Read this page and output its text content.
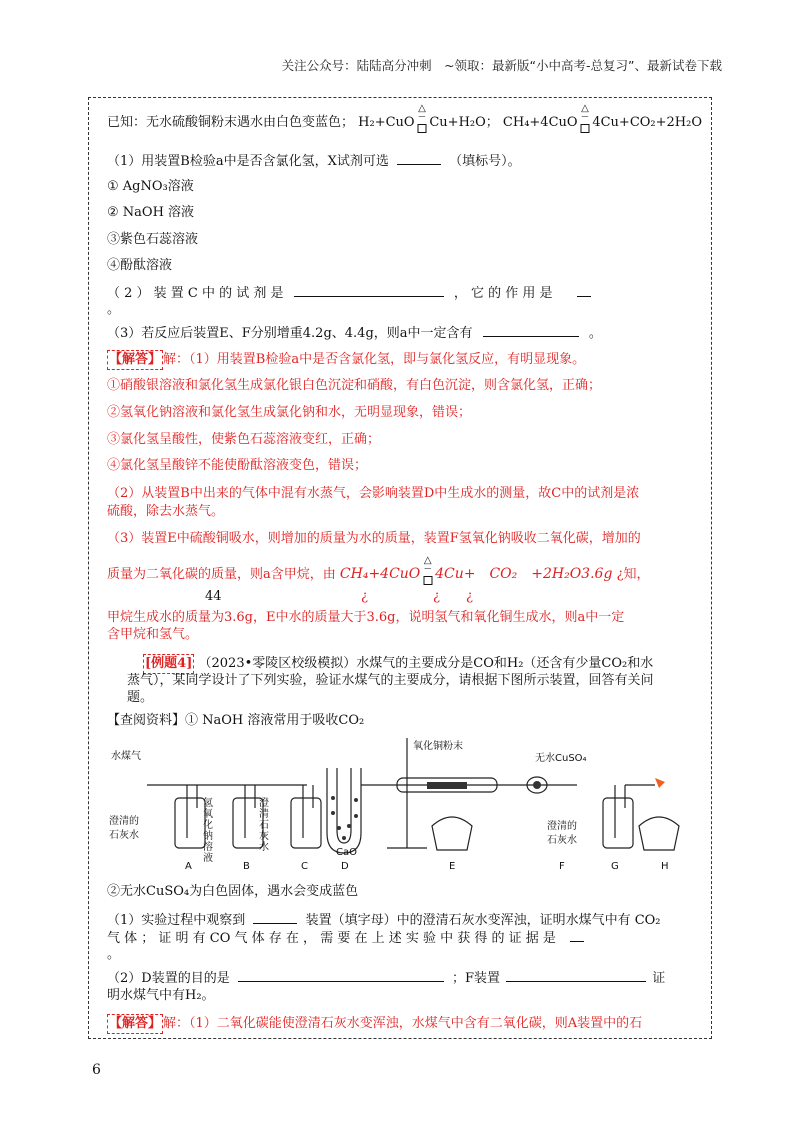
关注公众号：陆陆高分冲刺　~领取：最新版“小中高考-总复习”、最新试卷下载
已知：无水硫酸铜粉末遇水由白色变蓝色； H₂+CuO
△
‾ Cu+H₂O； CH₄+4CuO
△
‾ 4Cu+CO₂+2H₂O
（1）用装置B检验a中是否含氯化氢，X试剂可选	（填标号）。
① AgNO₃溶液
② NaOH 溶液
③紫色石蕊溶液
④酚酞溶液
（ 2 ） 装 置 C 中 的 试 剂 是	， 它 的 作 用 是
。
（3）若反应后装置E、F分别增重4.2g、4.4g，则a中一定含有	。
【解答】 解：（1）用装置B检验a中是否含氯化氢，即与氯化氢反应，有明显现象。
①硝酸银溶液和氯化氢生成氯化银白色沉淀和硝酸，有白色沉淀，则含氯化氢，正确；
②氢氧化钠溶液和氯化氢生成氯化钠和水，无明显现象，错误；
③氯化氢呈酸性，使紫色石蕊溶液变红，正确；
④氯化氢呈酸锌不能使酚酞溶液变色，错误；
（2）从装置B中出来的气体中混有水蒸气，会影响装置D中生成水的测量，故C中的试剂是浓
硫酸，除去水蒸气。
（3）装置E中硫酸铜吸水，则增加的质量为水的质量，装置F氢氧化钠吸收二氧化碳，增加的
质量为二氧化碳的质量，则a含甲烷，由 CH₄+4CuO
△
‾ 4Cu+　CO₂　+2H₂O3.6g ¿知，
44	¿　　　　　¿　　¿
甲烷生成水的质量为3.6g，E中水的质量大于3.6g，说明氢气和氧化铜生成水，则a中一定
含甲烷和氢气。
[例题4] （2023•零陵区校级模拟）水煤气的主要成分是CO和H₂（还含有少量CO₂和水
蒸气），某同学设计了下列实验，验证水煤气的主要成分，请根据下图所示装置，回答有关问
题。
【查阅资料】① NaOH 溶液常用于吸收CO₂
水煤气
氧化铜粉末
无水CuSO₄
澄清的
石灰水
氢氧化钠溶液
澄清石灰水	CaO
澄清的
石灰水
A	B	C	D	E	F	G	H
②无水CuSO₄为白色固体，遇水会变成蓝色
（1）实验过程中观察到	装置（填字母）中的澄清石灰水变浑浊，证明水煤气中有 CO₂
气 体 ； 证 明 有 CO 气 体 存 在 ， 需 要 在 上 述 实 验 中 获 得 的 证 据 是
。
（2）D装置的目的是	；F装置	证
明水煤气中有H₂。
【解答】 解：（1）二氧化碳能使澄清石灰水变浑浊，水煤气中含有二氧化碳，则A装置中的石
6
